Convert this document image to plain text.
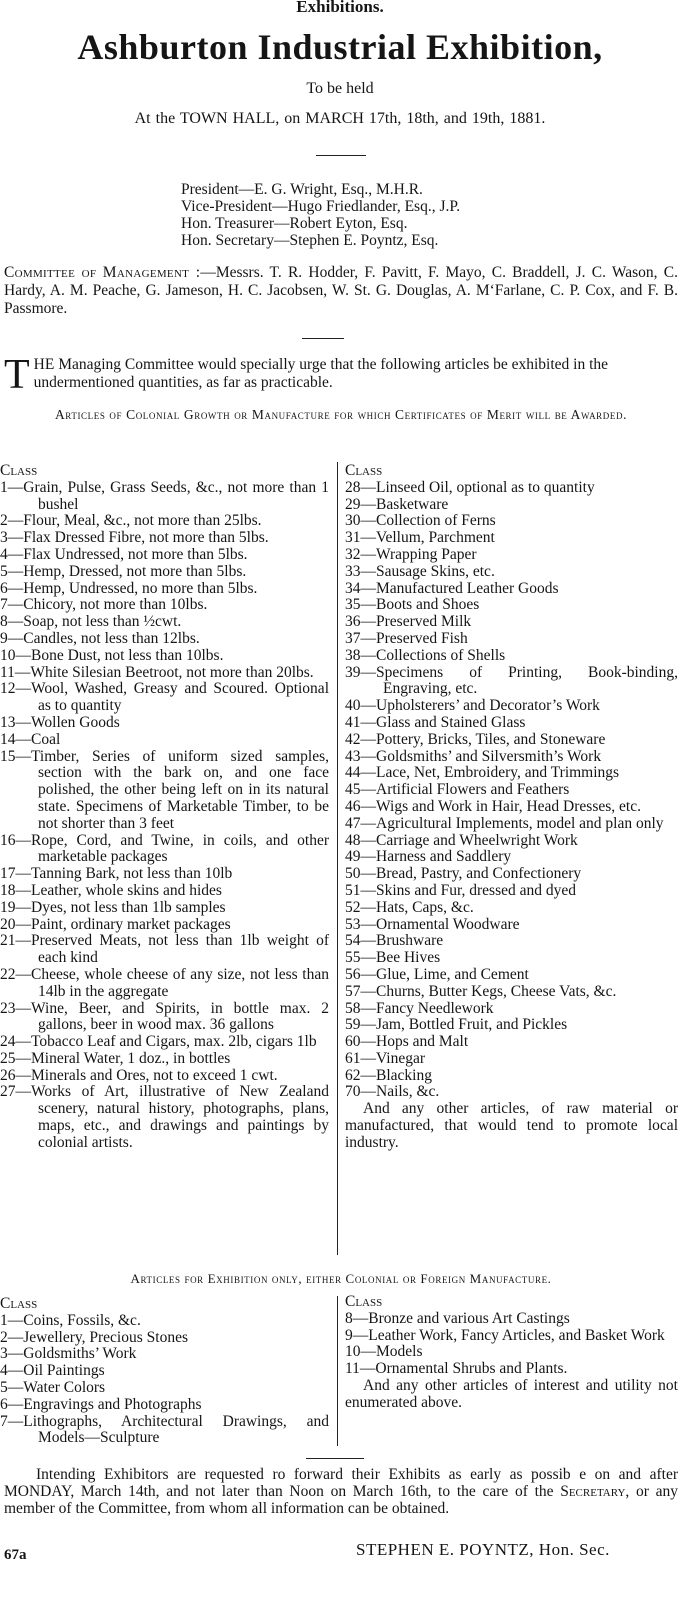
Exhibitions.
Ashburton Industrial Exhibition,
To be held
At the TOWN HALL, on MARCH 17th, 18th, and 19th, 1881.
President—E. G. Wright, Esq., M.H.R.
Vice-President—Hugo Friedlander, Esq., J.P.
Hon. Treasurer—Robert Eyton, Esq.
Hon. Secretary—Stephen E. Poyntz, Esq.
Committee of Management :—Messrs. T. R. Hodder, F. Pavitt, F. Mayo, C. Braddell, J. C. Wason, C. Hardy, A. M. Peache, G. Jameson, H. C. Jacobsen, W. St. G. Douglas, A. M‘Farlane, C. P. Cox, and F. B. Passmore.
THE Managing Committee would specially urge that the following articles be exhibited in the undermentioned quantities, as far as practicable.
Articles of Colonial Growth or Manufacture for which Certificates of Merit will be Awarded.
Class

1—Grain, Pulse, Grass Seeds, &c., not more than 1 bushel

2—Flour, Meal, &c., not more than 25lbs.

3—Flax Dressed Fibre, not more than 5lbs.

4—Flax Undressed, not more than 5lbs.

5—Hemp, Dressed, not more than 5lbs.

6—Hemp, Undressed, no more than 5lbs.

7—Chicory, not more than 10lbs.

8—Soap, not less than ½cwt.

9—Candles, not less than 12lbs.

10—Bone Dust, not less than 10lbs.

11—White Silesian Beetroot, not more than 20lbs.

12—Wool, Washed, Greasy and Scoured. Optional as to quantity

13—Wollen Goods

14—Coal

15—Timber, Series of uniform sized samples, section with the bark on, and one face polished, the other being left on in its natural state. Specimens of Marketable Timber, to be not shorter than 3 feet

16—Rope, Cord, and Twine, in coils, and other marketable packages

17—Tanning Bark, not less than 10lb

18—Leather, whole skins and hides

19—Dyes, not less than 1lb samples

20—Paint, ordinary market packages

21—Preserved Meats, not less than 1lb weight of each kind

22—Cheese, whole cheese of any size, not less than 14lb in the aggregate

23—Wine, Beer, and Spirits, in bottle max. 2 gallons, beer in wood max. 36 gallons

24—Tobacco Leaf and Cigars, max. 2lb, cigars 1lb

25—Mineral Water, 1 doz., in bottles

26—Minerals and Ores, not to exceed 1 cwt.

27—Works of Art, illustrative of New Zealand scenery, natural history, photographs, plans, maps, etc., and drawings and paintings by colonial artists.

Class

28—Linseed Oil, optional as to quantity

29—Basketware

30—Collection of Ferns

31—Vellum, Parchment

32—Wrapping Paper

33—Sausage Skins, etc.

34—Manufactured Leather Goods

35—Boots and Shoes

36—Preserved Milk

37—Preserved Fish

38—Collections of Shells

39—Specimens of Printing, Book-binding, Engraving, etc.

40—Upholsterers’ and Decorator’s Work

41—Glass and Stained Glass

42—Pottery, Bricks, Tiles, and Stoneware

43—Goldsmiths’ and Silversmith’s Work

44—Lace, Net, Embroidery, and Trimmings

45—Artificial Flowers and Feathers

46—Wigs and Work in Hair, Head Dresses, etc.

47—Agricultural Implements, model and plan only

48—Carriage and Wheelwright Work

49—Harness and Saddlery

50—Bread, Pastry, and Confectionery

51—Skins and Fur, dressed and dyed

52—Hats, Caps, &c.

53—Ornamental Woodware

54—Brushware

55—Bee Hives

56—Glue, Lime, and Cement

57—Churns, Butter Kegs, Cheese Vats, &c.

58—Fancy Needlework

59—Jam, Bottled Fruit, and Pickles

60—Hops and Malt

61—Vinegar

62—Blacking

70—Nails, &c.

And any other articles, of raw material or manufactured, that would tend to promote local industry.

Articles for Exhibition only, either Colonial or Foreign Manufacture.
Class

1—Coins, Fossils, &c.

2—Jewellery, Precious Stones

3—Goldsmiths’ Work

4—Oil Paintings

5—Water Colors

6—Engravings and Photographs

7—Lithographs, Architectural Drawings, and Models—Sculpture

Class

8—Bronze and various Art Castings

9—Leather Work, Fancy Articles, and Basket Work

10—Models

11—Ornamental Shrubs and Plants.

And any other articles of interest and utility not enumerated above.

Intending Exhibitors are requested ro forward their Exhibits as early as possib e on and after MONDAY, March 14th, and not later than Noon on March 16th, to the care of the Secretary, or any member of the Committee, from whom all information can be obtained.
67a	STEPHEN E. POYNTZ, Hon. Sec.
